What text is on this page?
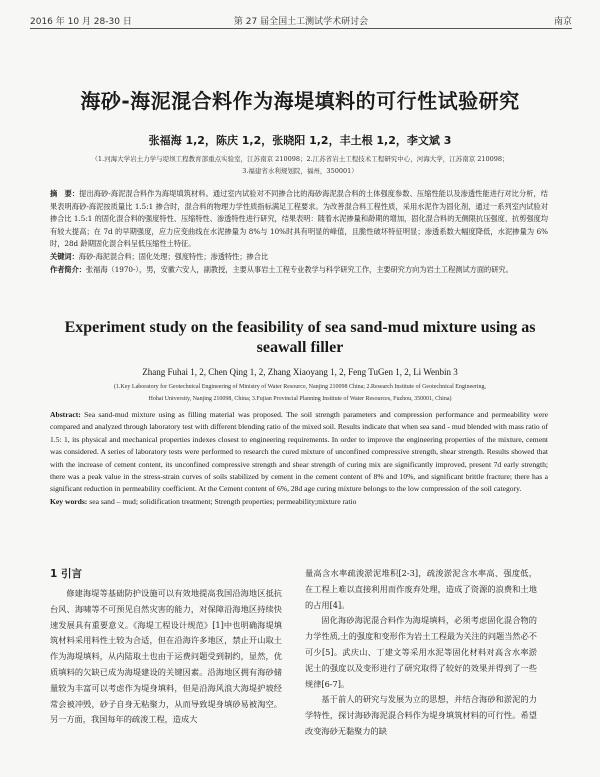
2016 年 10 月 28-30 日	第 27 届全国土工测试学术研讨会	南京
海砂-海泥混合料作为海堤填料的可行性试验研究
张福海 1,2，陈庆 1,2，张晓阳 1,2，丰土根 1,2，李文斌 3
（1.河海大学岩土力学与堤坝工程教育部重点实验室，江苏南京 210098；2.江苏省岩土工程技术工程研究中心，河海大学，江苏南京 210098；
3.福建省水利规划院，福州，350001）

摘　要：提出海砂-海泥混合料作为海堤填筑材料。通过室内试验对不同掺合比的海砂海泥混合料的土体强度参数、压缩性能以及渗透性能进行对比分析，结果表明海砂-海泥按质量比 1.5:1 掺合时，混合料的物理力学性质指标满足工程要求。为改善混合料工程性质，采用水泥作为固化剂，通过一系列室内试验对掺合比 1.5:1 的固化混合料的强度特性、压缩特性、渗透特性进行研究，结果表明：随着水泥掺量和龄期的增加，固化混合料的无侧限抗压强度、抗剪强度均有较大提高；在 7d 的早期强度，应力应变曲线在水泥掺量为 8%与 10%时具有明显的峰值，且脆性破坏特征明显；渗透系数大幅度降低，水泥掺量为 6%时，28d 龄期固化混合料呈低压缩性土特征。

关键词：海砂-海泥混合料；固化处理；强度特性；渗透特性；掺合比

作者简介：张福海（1970-），男，安徽六安人，副教授，主要从事岩土工程专业教学与科学研究工作，主要研究方向为岩土工程测试方面的研究。

Experiment study on the feasibility of sea sand-mud mixture using as seawall filler
Zhang Fuhai 1, 2, Chen Qing 1, 2, Zhang Xiaoyang 1, 2, Feng TuGen 1, 2, Li Wenbin 3
(1.Key Laboratory for Geotechnical Engineering of Ministry of Water Resource, Nanjing 210098 China; 2.Research Institute of Geotechnical Engineering,
Hohai University, Nanjing 210098, China; 3.Fujian Provincial Planning Institute of Water Resources, Fuzhou, 350001, China)

Abstract: Sea sand-mud mixture using as filling material was proposed. The soil strength parameters and compression performance and permeability were compared and analyzed through laboratory test with different blending ratio of the mixed soil. Results indicate that when sea sand - mud blended with mass ratio of 1.5: 1, its physical and mechanical properties indexes closest to engineering requirements. In order to improve the engineering properties of the mixture, cement was considered. A series of laboratory tests were performed to research the cured mixture of unconfined compressive strength, shear strength. Results showed that with the increase of cement content, its unconfined compressive strength and shear strength of curing mix are significantly improved, present 7d early strength; there was a peak value in the stress-strain curves of soils stabilized by cement in the cement content of 8% and 10%, and significant brittle fracture; there has a significant reduction in permeability coefficient. At the Cement content of 6%, 28d age curing mixture belongs to the low compression of the soil category.

Key words: sea sand – mud; solidification treatment; Strength properties; permeability;mixture ratio

1 引言

修建海堤等基础防护设施可以有效地提高我国沿海地区抵抗台风、海啸等不可预见自然灾害的能力，对保障沿海地区持续快速发展具有重要意义。《海堤工程设计规范》[1]中也明确海堤填筑材料采用料性土较为合适，但在沿海许多地区，禁止开山取土作为海堤填料，从内陆取土也由于运费问题受到制约，显然，优质填料的欠缺已成为海堤建设的关键因素。沿海地区拥有海砂储量较为丰富可以考虑作为堤身填料，但是沿海风浪大海堤护坡经常会被冲毁，砂子自身无粘聚力，从而导致堤身填砂易被淘空。另一方面，我国每年的疏浚工程，造成大

量高含水率疏浚淤泥堆积[2-3]，疏浚淤泥含水率高、强度低，在工程上难以直接利用而作废弃处理，造成了资源的浪费和土地的占用[4]。

固化海砂海泥混合料作为海堤填料，必须考虑固化混合物的力学性质,土的强度和变形作为岩土工程最为关注的问题当然必不可少[5]。武庆山、丁建文等采用水泥等固化材料对高含水率淤泥土的强度以及变形进行了研究取得了较好的效果并得到了一些规律[6-7]。

基于前人的研究与发展为立的思想，并结合海砂和淤泥的力学特性，探讨海砂海泥混合料作为堤身填筑材料的可行性。希望改变海砂无黏聚力的缺
